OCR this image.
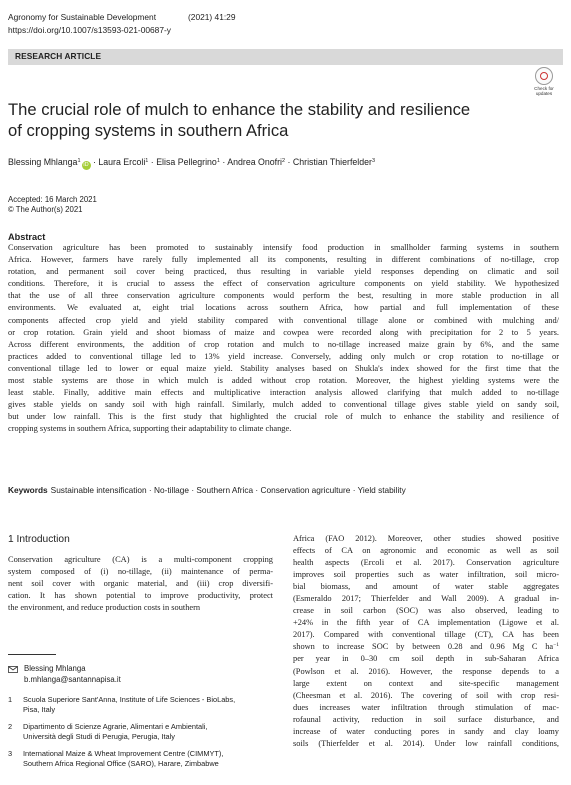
Agronomy for Sustainable Development	(2021) 41:29
https://doi.org/10.1007/s13593-021-00687-y
RESEARCH ARTICLE
Check for
updates
The crucial role of mulch to enhance the stability and resilience
of cropping systems in southern Africa
Blessing Mhlanga$^1$iD · Laura Ercoli$^1$ · Elisa Pellegrino$^1$ · Andrea Onofri$^2$ · Christian Thierfelder$^3$
Accepted: 16 March 2021
© The Author(s) 2021
Abstract
Conservation agriculture has been promoted to sustainably intensify food production in smallholder farming systems in southern
Africa. However, farmers have rarely fully implemented all its components, resulting in different combinations of no-tillage, crop
rotation, and permanent soil cover being practiced, thus resulting in variable yield responses depending on climatic and soil
conditions. Therefore, it is crucial to assess the effect of conservation agriculture components on yield stability. We hypothesized
that the use of all three conservation agriculture components would perform the best, resulting in more stable production in all
environments. We evaluated at, eight trial locations across southern Africa, how partial and full implementation of these
components affected crop yield and yield stability compared with conventional tillage alone or combined with mulching and/
or crop rotation. Grain yield and shoot biomass of maize and cowpea were recorded along with precipitation for 2 to 5 years.
Across different environments, the addition of crop rotation and mulch to no-tillage increased maize grain by 6%, and the same
practices added to conventional tillage led to 13% yield increase. Conversely, adding only mulch or crop rotation to no-tillage or
conventional tillage led to lower or equal maize yield. Stability analyses based on Shukla's index showed for the first time that the
most stable systems are those in which mulch is added without crop rotation. Moreover, the highest yielding systems were the
least stable. Finally, additive main effects and multiplicative interaction analysis allowed clarifying that mulch added to no-tillage
gives stable yields on sandy soil with high rainfall. Similarly, mulch added to conventional tillage gives stable yield on sandy soil,
but under low rainfall. This is the first study that highlighted the crucial role of mulch to enhance the stability and resilience of
cropping systems in southern Africa, supporting their adaptability to climate change.
Keywords Sustainable intensification · No-tillage · Southern Africa · Conservation agriculture · Yield stability
1 Introduction
Conservation agriculture (CA) is a multi-component cropping
system composed of (i) no-tillage, (ii) maintenance of perma-
nent soil cover with organic material, and (iii) crop diversifi-
cation. It has shown potential to improve productivity, protect
the environment, and reduce production costs in southern
Africa (FAO 2012). Moreover, other studies showed positive
effects of CA on agronomic and economic as well as soil
health aspects (Ercoli et al. 2017). Conservation agriculture
improves soil properties such as water infiltration, soil micro-
bial biomass, and amount of water stable aggregates
(Esmeraldo 2017; Thierfelder and Wall 2009). A gradual in-
crease in soil carbon (SOC) was also observed, leading to
+24% in the fifth year of CA implementation (Ligowe et al.
2017). Compared with conventional tillage (CT), CA has been
shown to increase SOC by between 0.28 and 0.96 Mg C $ha^{-1}$
per year in 0–30 cm soil depth in sub-Saharan Africa
(Powlson et al. 2016). However, the response depends to a
large extent on context and site-specific management
(Cheesman et al. 2016). The covering of soil with crop resi-
dues increases water infiltration through stimulation of mac-
rofaunal activity, reduction in soil surface disturbance, and
increase of water conducting pores in sandy and clay loamy
soils (Thierfelder et al. 2014). Under low rainfall conditions,
Blessing Mhlanga
b.mhlanga@santannapisa.it
1 Scuola Superiore Sant'Anna, Institute of Life Sciences - BioLabs,
Pisa, Italy
2 Dipartimento di Scienze Agrarie, Alimentari e Ambientali,
Università degli Studi di Perugia, Perugia, Italy
3 International Maize & Wheat Improvement Centre (CIMMYT),
Southern Africa Regional Office (SARO), Harare, Zimbabwe
